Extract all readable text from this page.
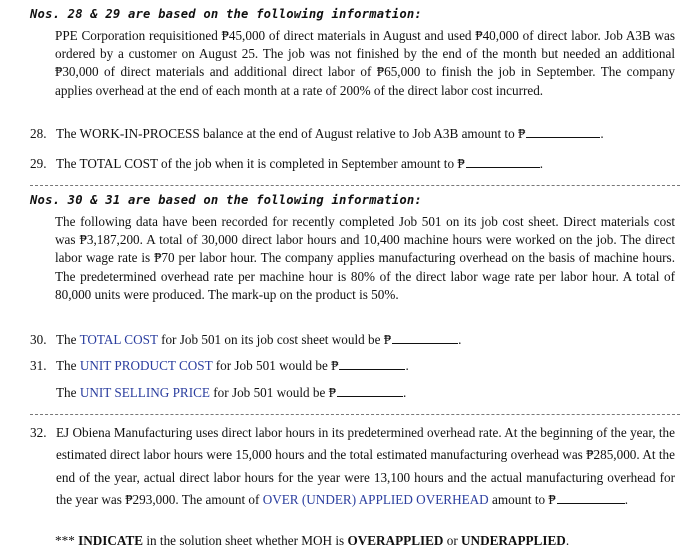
Nos. 28 & 29 are based on the following information:
PPE Corporation requisitioned ₱45,000 of direct materials in August and used ₱40,000 of direct labor. Job A3B was ordered by a customer on August 25. The job was not finished by the end of the month but needed an additional ₱30,000 of direct materials and additional direct labor of ₱65,000 to finish the job in September. The company applies overhead at the end of each month at a rate of 200% of the direct labor cost incurred.
28. The WORK-IN-PROCESS balance at the end of August relative to Job A3B amount to ₱	.
29. The TOTAL COST of the job when it is completed in September amount to ₱	.
Nos. 30 & 31 are based on the following information:
The following data have been recorded for recently completed Job 501 on its job cost sheet. Direct materials cost was ₱3,187,200. A total of 30,000 direct labor hours and 10,400 machine hours were worked on the job. The direct labor wage rate is ₱70 per labor hour. The company applies manufacturing overhead on the basis of machine hours. The predetermined overhead rate per machine hour is 80% of the direct labor wage rate per labor hour. A total of 80,000 units were produced. The mark-up on the product is 50%.
30. The TOTAL COST for Job 501 on its job cost sheet would be ₱	.
31. The UNIT PRODUCT COST for Job 501 would be ₱	.
The UNIT SELLING PRICE for Job 501 would be ₱	.
32. EJ Obiena Manufacturing uses direct labor hours in its predetermined overhead rate. At the beginning of the year, the estimated direct labor hours were 15,000 hours and the total estimated manufacturing overhead was ₱285,000. At the end of the year, actual direct labor hours for the year were 13,100 hours and the actual manufacturing overhead for the year was ₱293,000. The amount of OVER (UNDER) APPLIED OVERHEAD amount to ₱	.
*** INDICATE in the solution sheet whether MOH is OVERAPPLIED or UNDERAPPLIED.
